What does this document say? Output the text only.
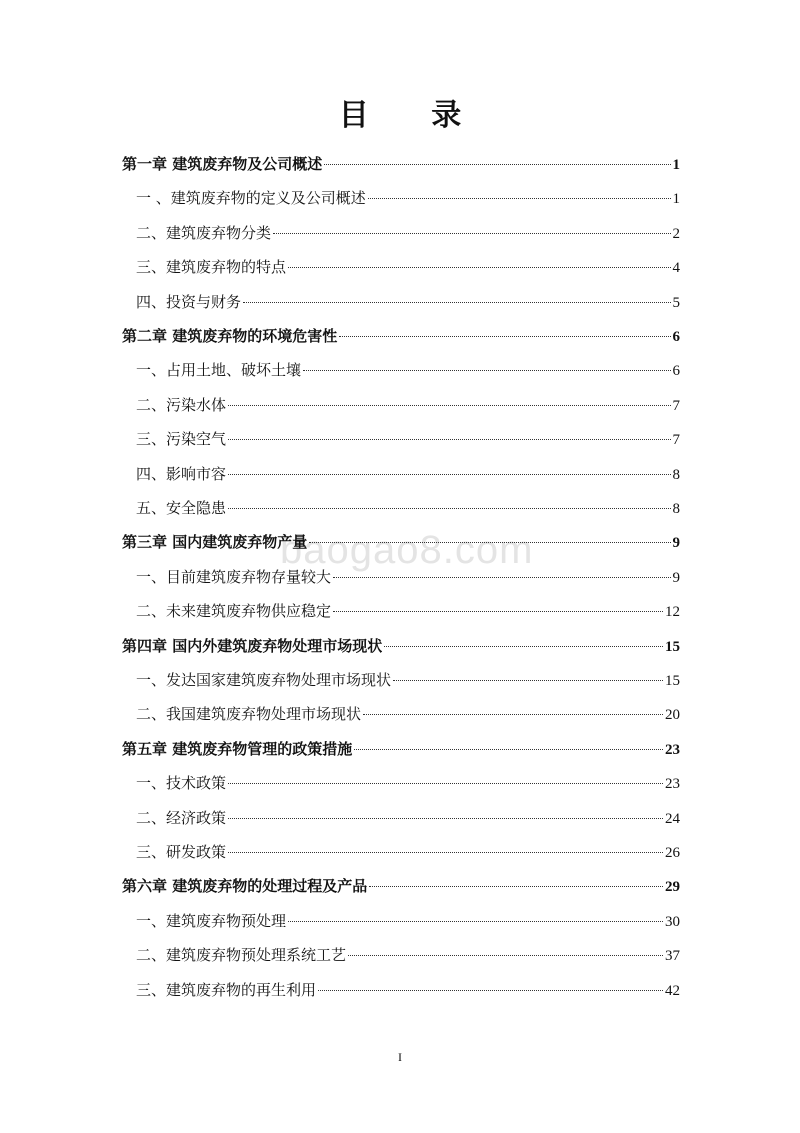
目 录
baogao8.com
第一章 建筑废弃物及公司概述	1
一 、建筑废弃物的定义及公司概述	1
二、建筑废弃物分类	2
三、建筑废弃物的特点	4
四、投资与财务	5
第二章 建筑废弃物的环境危害性	6
一、占用土地、破坏土壤	6
二、污染水体	7
三、污染空气	7
四、影响市容	8
五、安全隐患	8
第三章 国内建筑废弃物产量	9
一、目前建筑废弃物存量较大	9
二、未来建筑废弃物供应稳定	12
第四章 国内外建筑废弃物处理市场现状	15
一、发达国家建筑废弃物处理市场现状	15
二、我国建筑废弃物处理市场现状	20
第五章 建筑废弃物管理的政策措施	23
一、技术政策	23
二、经济政策	24
三、研发政策	26
第六章 建筑废弃物的处理过程及产品	29
一、建筑废弃物预处理	30
二、建筑废弃物预处理系统工艺	37
三、建筑废弃物的再生利用	42
I
